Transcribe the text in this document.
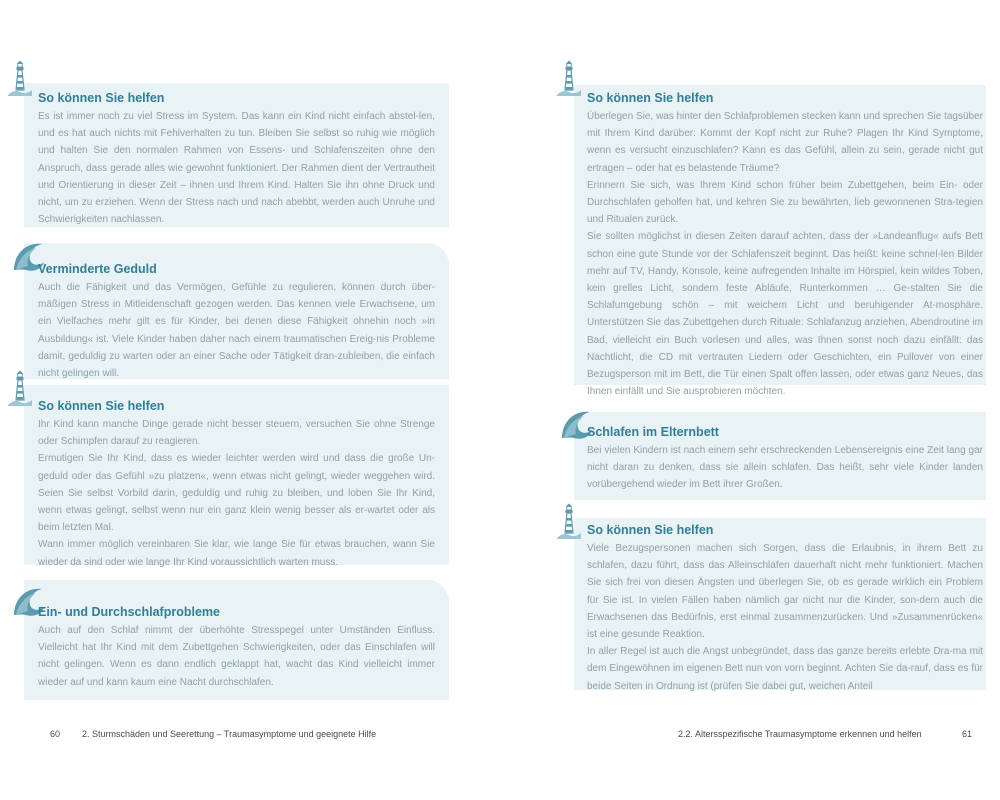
So können Sie helfen

Es ist immer noch zu viel Stress im System. Das kann ein Kind nicht einfach abstel-len, und es hat auch nichts mit Fehlverhalten zu tun. Bleiben Sie selbst so ruhig wie möglich und halten Sie den normalen Rahmen von Essens- und Schlafenszeiten ohne den Anspruch, dass gerade alles wie gewohnt funktioniert. Der Rahmen dient der Vertrautheit und Orientierung in dieser Zeit – ihnen und Ihrem Kind. Halten Sie ihn ohne Druck und nicht, um zu erziehen. Wenn der Stress nach und nach abebbt, werden auch Unruhe und Schwierigkeiten nachlassen.

Verminderte Geduld

Auch die Fähigkeit und das Vermögen, Gefühle zu regulieren, können durch über-mäßigen Stress in Mitleidenschaft gezogen werden. Das kennen viele Erwachsene, um ein Vielfaches mehr gilt es für Kinder, bei denen diese Fähigkeit ohnehin noch »in Ausbildung« ist. Viele Kinder haben daher nach einem traumatischen Ereig-nis Probleme damit, geduldig zu warten oder an einer Sache oder Tätigkeit dran-zubleiben, die einfach nicht gelingen will.

So können Sie helfen

Ihr Kind kann manche Dinge gerade nicht besser steuern, versuchen Sie ohne Strenge oder Schimpfen darauf zu reagieren.

Ermutigen Sie Ihr Kind, dass es wieder leichter werden wird und dass die große Un-geduld oder das Gefühl »zu platzen«, wenn etwas nicht gelingt, wieder weggehen wird. Seien Sie selbst Vorbild darin, geduldig und ruhig zu bleiben, und loben Sie Ihr Kind, wenn etwas gelingt, selbst wenn nur ein ganz klein wenig besser als er-wartet oder als beim letzten Mal.

Wann immer möglich vereinbaren Sie klar, wie lange Sie für etwas brauchen, wann Sie wieder da sind oder wie lange Ihr Kind voraussichtlich warten muss.

Ein- und Durchschlafprobleme

Auch auf den Schlaf nimmt der überhöhte Stresspegel unter Umständen Einfluss. Vielleicht hat Ihr Kind mit dem Zubettgehen Schwierigkeiten, oder das Einschlafen will nicht gelingen. Wenn es dann endlich geklappt hat, wacht das Kind vielleicht immer wieder auf und kann kaum eine Nacht durchschlafen.

60 2. Sturmschäden und Seerettung – Traumasymptome und geeignete Hilfe
So können Sie helfen

Überlegen Sie, was hinter den Schlafproblemen stecken kann und sprechen Sie tagsüber mit Ihrem Kind darüber: Kommt der Kopf nicht zur Ruhe? Plagen Ihr Kind Symptome, wenn es versucht einzuschlafen? Kann es das Gefühl, allein zu sein, gerade nicht gut ertragen – oder hat es belastende Träume?

Erinnern Sie sich, was Ihrem Kind schon früher beim Zubettgehen, beim Ein- oder Durchschlafen geholfen hat, und kehren Sie zu bewährten, lieb gewonnenen Stra-tegien und Ritualen zurück.

Sie sollten möglichst in diesen Zeiten darauf achten, dass der »Landeanflug« aufs Bett schon eine gute Stunde vor der Schlafenszeit beginnt. Das heißt: keine schnel-len Bilder mehr auf TV, Handy, Konsole, keine aufregenden Inhalte im Hörspiel, kein wildes Toben, kein grelles Licht, sondern feste Abläufe, Runterkommen … Ge-stalten Sie die Schlafumgebung schön – mit weichem Licht und beruhigender At-mosphäre. Unterstützen Sie das Zubettgehen durch Rituale: Schlafanzug anziehen, Abendroutine im Bad, vielleicht ein Buch vorlesen und alles, was Ihnen sonst noch dazu einfällt: das Nachtlicht, die CD mit vertrauten Liedern oder Geschichten, ein Pullover von einer Bezugsperson mit im Bett, die Tür einen Spalt offen lassen, oder etwas ganz Neues, das Ihnen einfällt und Sie ausprobieren möchten.

Schlafen im Elternbett

Bei vielen Kindern ist nach einem sehr erschreckenden Lebensereignis eine Zeit lang gar nicht daran zu denken, dass sie allein schlafen. Das heißt, sehr viele Kinder landen vorübergehend wieder im Bett ihrer Großen.

So können Sie helfen

Viele Bezugspersonen machen sich Sorgen, dass die Erlaubnis, in ihrem Bett zu schlafen, dazu führt, dass das Alleinschlafen dauerhaft nicht mehr funktioniert. Machen Sie sich frei von diesen Ängsten und überlegen Sie, ob es gerade wirklich ein Problem für Sie ist. In vielen Fällen haben nämlich gar nicht nur die Kinder, son-dern auch die Erwachsenen das Bedürfnis, erst einmal zusammenzurücken. Und »Zusammenrücken« ist eine gesunde Reaktion.

In aller Regel ist auch die Angst unbegründet, dass das ganze bereits erlebte Dra-ma mit dem Eingewöhnen im eigenen Bett nun von vorn beginnt. Achten Sie da-rauf, dass es für beide Seiten in Ordnung ist (prüfen Sie dabei gut, weichen Anteil

2.2. Altersspezifische Traumasymptome erkennen und helfen	61
